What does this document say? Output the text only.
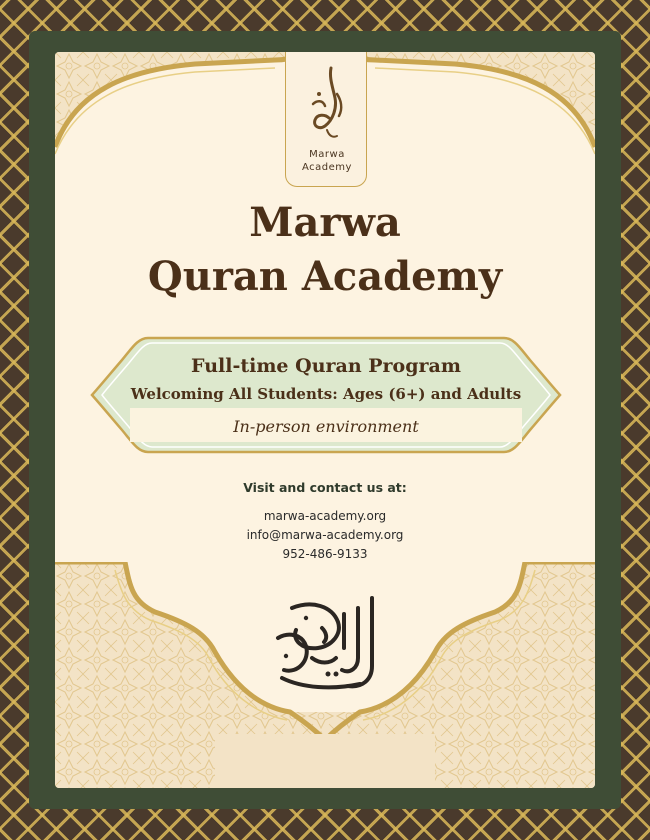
Marwa
Academy
Marwa
Quran Academy
Full-time Quran Program
Welcoming All Students: Ages (6+) and Adults
In-person environment
Visit and contact us at:
marwa-academy.org
info@marwa-academy.org
952-486-9133
